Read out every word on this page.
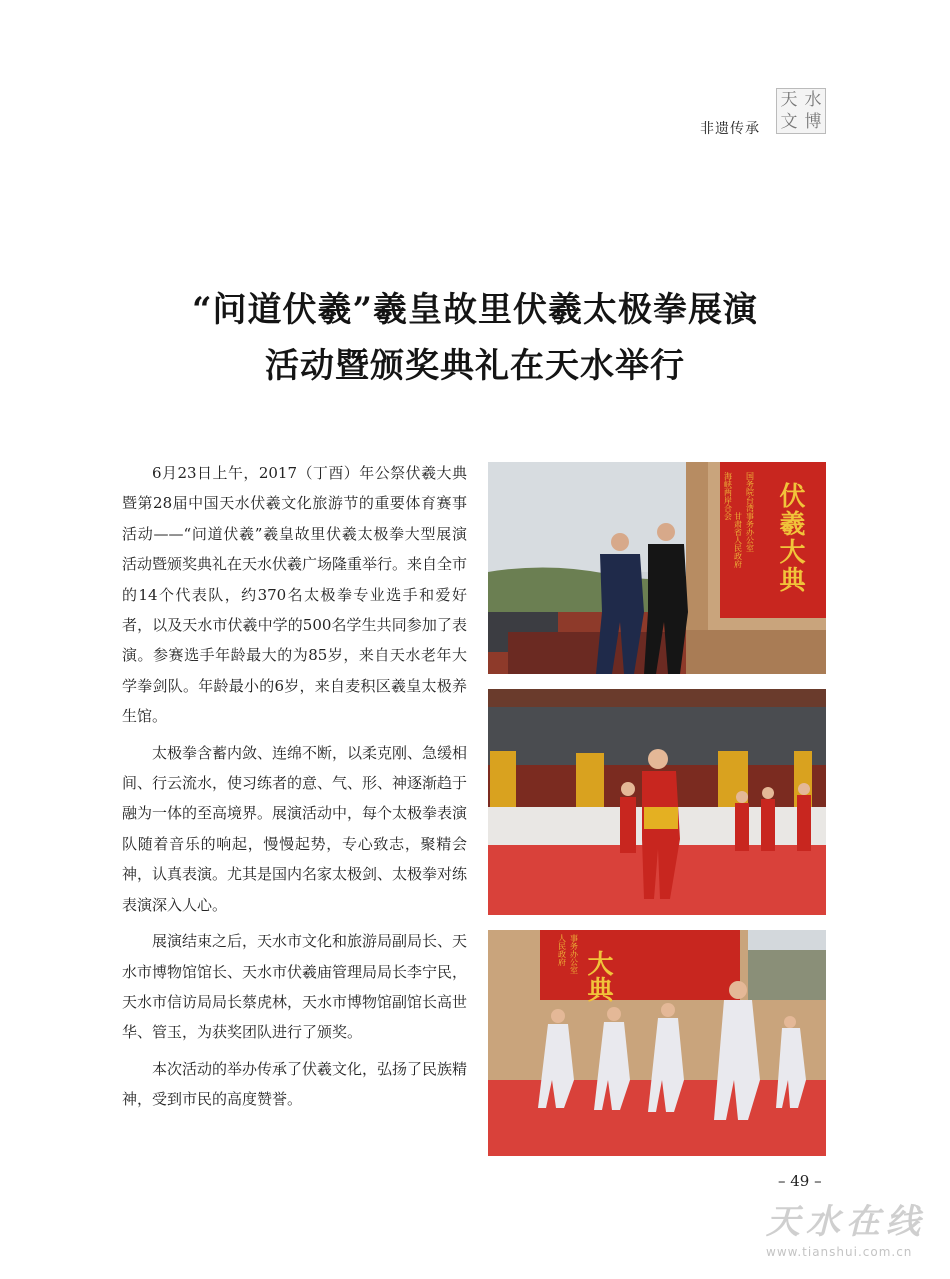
非遗传承
天 水
文 博
“问道伏羲”羲皇故里伏羲太极拳展演
活动暨颁奖典礼在天水举行

6月23日上午，2017（丁酉）年公祭伏羲大典暨第28届中国天水伏羲文化旅游节的重要体育赛事活动——“问道伏羲”羲皇故里伏羲太极拳大型展演活动暨颁奖典礼在天水伏羲广场隆重举行。来自全市的14个代表队，约370名太极拳专业选手和爱好者，以及天水市伏羲中学的500名学生共同参加了表演。参赛选手年龄最大的为85岁，来自天水老年大学拳剑队。年龄最小的6岁，来自麦积区羲皇太极养生馆。

太极拳含蓄内敛、连绵不断，以柔克刚、急缓相间、行云流水，使习练者的意、气、形、神逐渐趋于融为一体的至高境界。展演活动中，每个太极拳表演队随着音乐的响起，慢慢起势，专心致志，聚精会神，认真表演。尤其是国内名家太极剑、太极拳对练表演深入人心。

展演结束之后，天水市文化和旅游局副局长、天水市博物馆馆长、天水市伏羲庙管理局局长李宁民，天水市信访局局长蔡虎林，天水市博物馆副馆长高世华、管玉，为获奖团队进行了颁奖。

本次活动的举办传承了伏羲文化，弘扬了民族精神，受到市民的高度赞誉。

伏羲大典
国务院台湾事务办公室
甘肃省人民政府
海峡两岸合会
大典
事务办公室
人民政府
– 49 –
天水在线
www.tianshui.com.cn
